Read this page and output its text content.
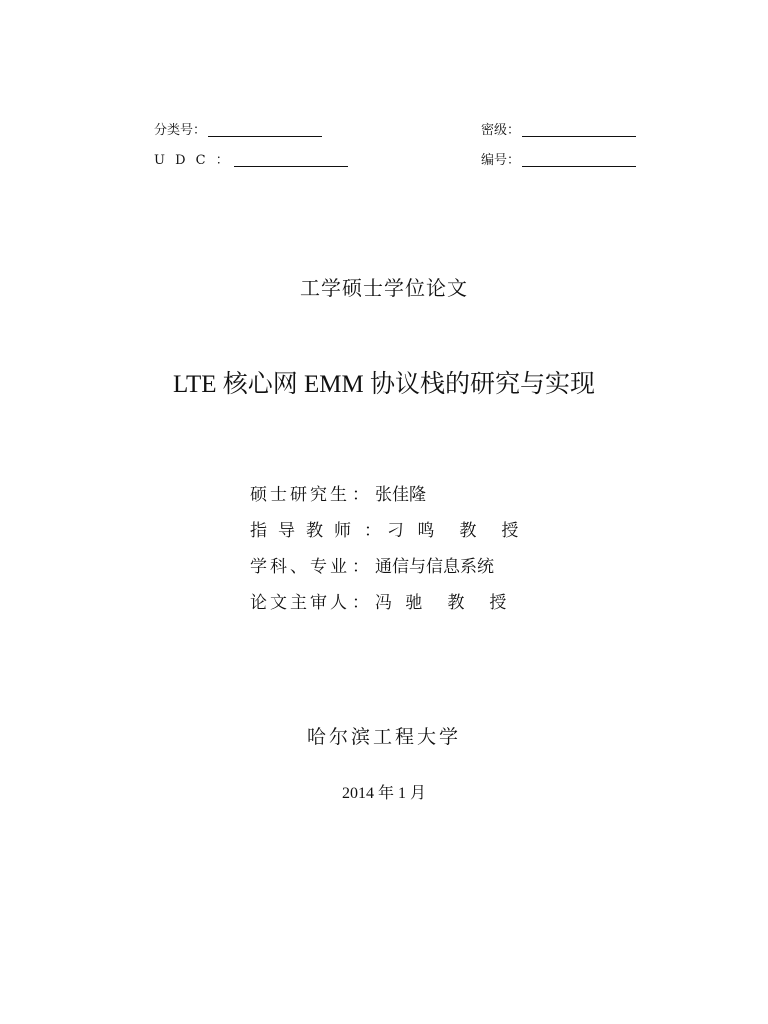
分类号：
U D C ：
密级：
编号：
工学硕士学位论文
LTE 核心网 EMM 协议栈的研究与实现
硕士研究生 ： 张佳隆
指导教师 ： 刁 鸣　教　授
学科、专业 ： 通信与信息系统
论文主审人 ： 冯 驰　教　授
哈尔滨工程大学
2014 年 1 月
